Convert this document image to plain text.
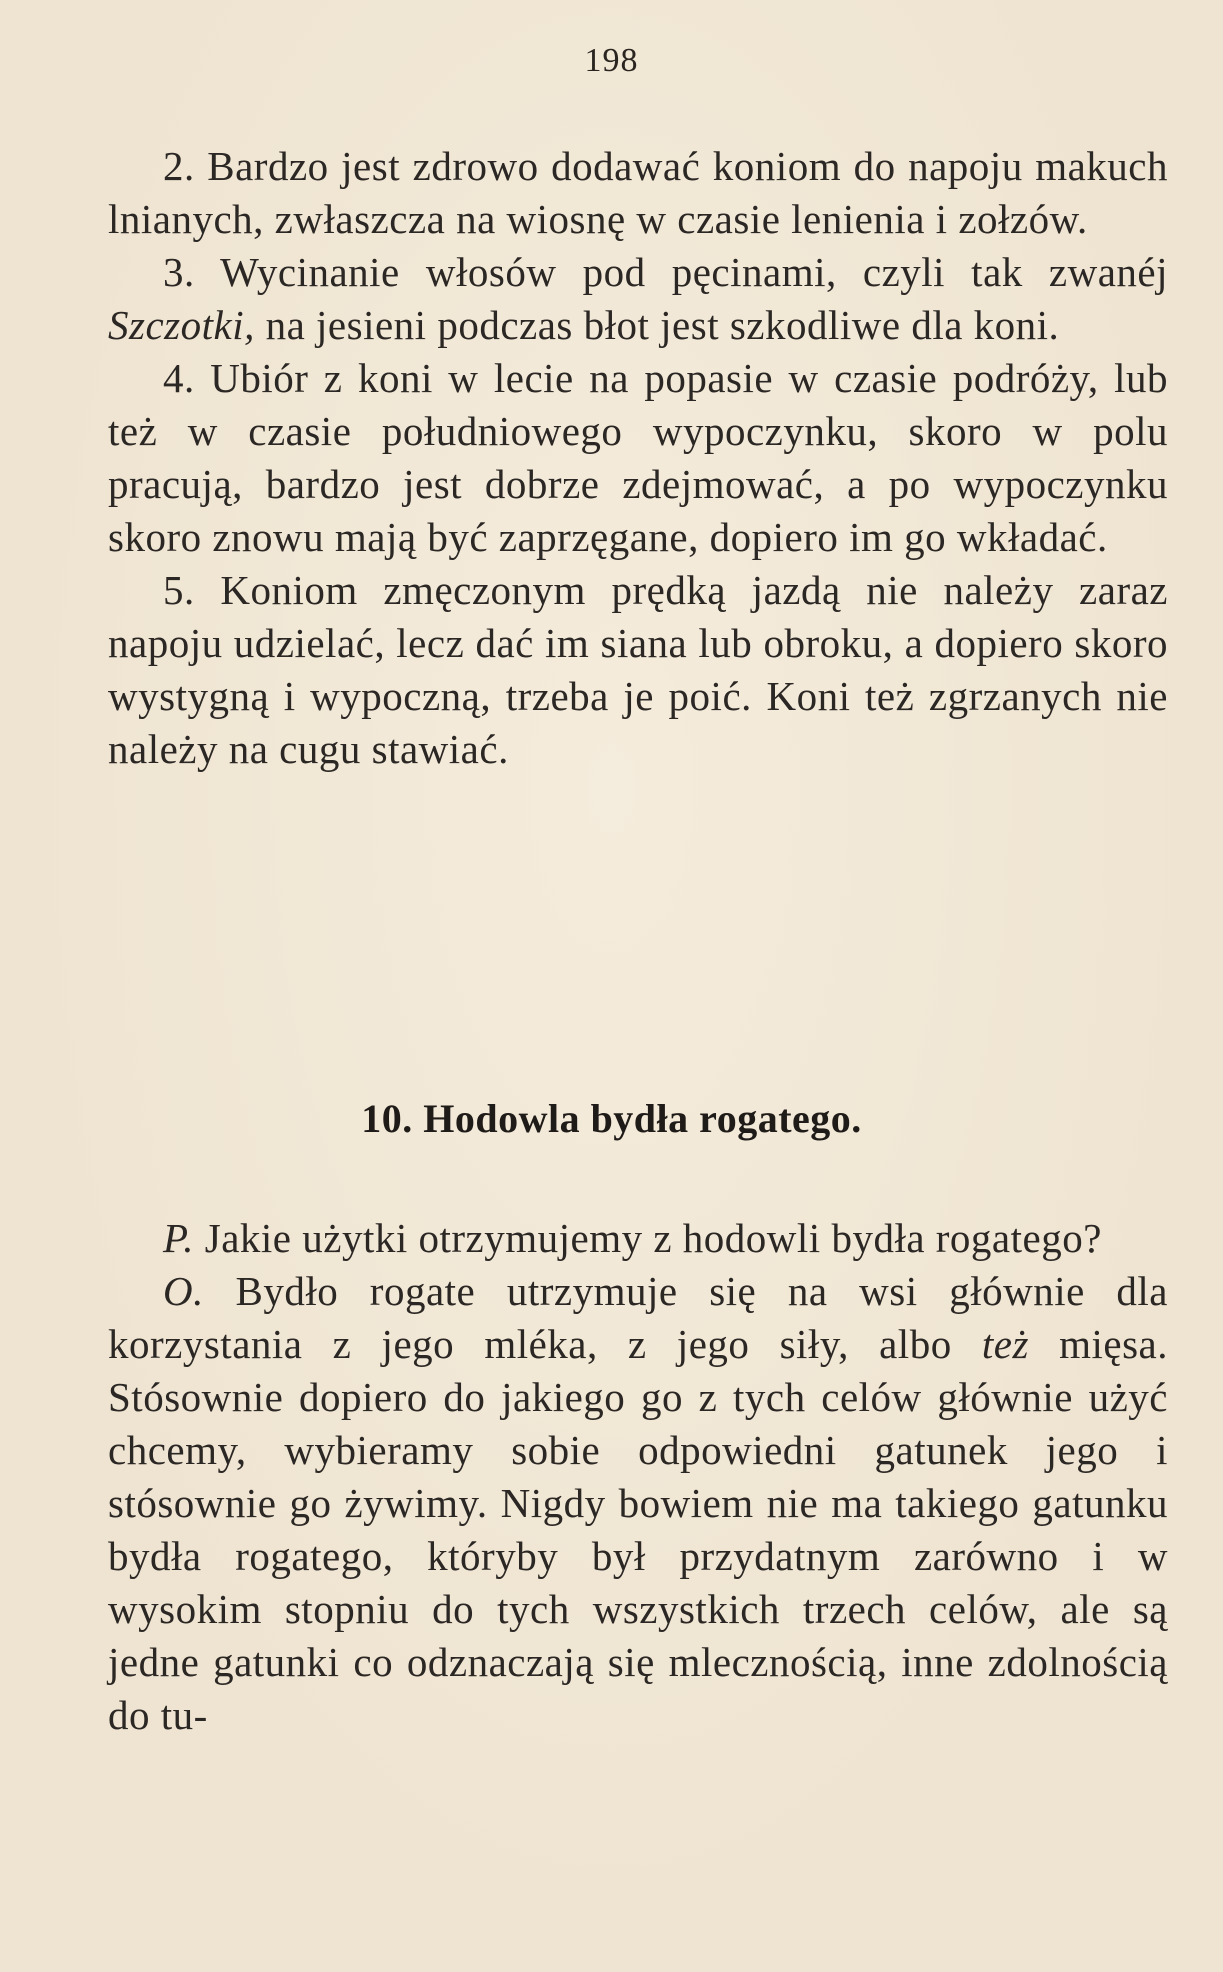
198

2. Bardzo jest zdrowo dodawać koniom do napoju makuch lnianych, zwłaszcza na wiosnę w czasie lenienia i zołzów.

3. Wycinanie włosów pod pęcinami, czyli tak zwanéj Szczotki, na jesieni podczas błot jest szkodliwe dla koni.

4. Ubiór z koni w lecie na popasie w czasie podróży, lub też w czasie południowego wypoczynku, skoro w polu pracują, bardzo jest dobrze zdejmować, a po wypoczynku skoro znowu mają być zaprzęgane, dopiero im go wkładać.

5. Koniom zmęczonym prędką jazdą nie należy zaraz napoju udzielać, lecz dać im siana lub obroku, a dopiero skoro wystygną i wypoczną, trzeba je poić. Koni też zgrzanych nie należy na cugu stawiać.

10. Hodowla bydła rogatego.

P. Jakie użytki otrzymujemy z hodowli bydła rogatego?

O. Bydło rogate utrzymuje się na wsi głównie dla korzystania z jego mléka, z jego siły, albo też mięsa. Stósownie dopiero do jakiego go z tych celów głównie użyć chcemy, wybieramy sobie odpowiedni gatunek jego i stósownie go żywimy. Nigdy bowiem nie ma takiego gatunku bydła rogatego, któryby był przydatnym zarówno i w wysokim stopniu do tych wszystkich trzech celów, ale są jedne gatunki co odznaczają się mlecznością, inne zdolnością do tu-
